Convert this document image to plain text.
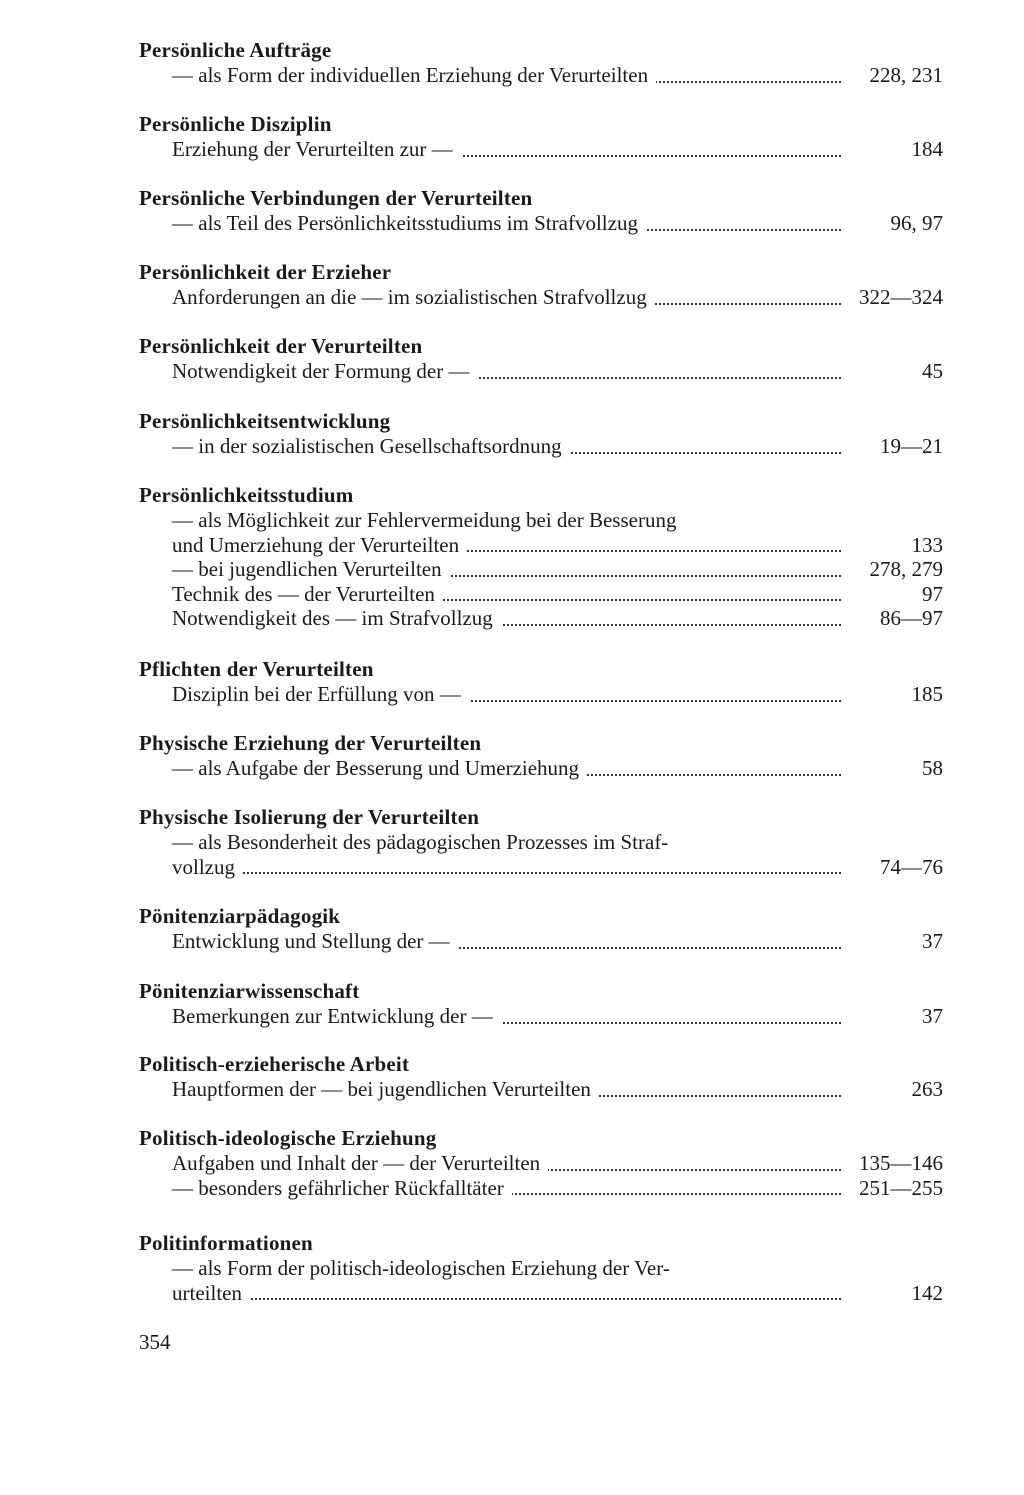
Persönliche Aufträge
— als Form der individuellen Erziehung der Verurteilten	228, 231
Persönliche Disziplin
Erziehung der Verurteilten zur —	184
Persönliche Verbindungen der Verurteilten
— als Teil des Persönlichkeitsstudiums im Strafvollzug	96, 97
Persönlichkeit der Erzieher
Anforderungen an die — im sozialistischen Strafvollzug	322—324
Persönlichkeit der Verurteilten
Notwendigkeit der Formung der —	45
Persönlichkeitsentwicklung
— in der sozialistischen Gesellschaftsordnung	19—21
Persönlichkeitsstudium
— als Möglichkeit zur Fehlervermeidung bei der Besserung
und Umerziehung der Verurteilten	133
— bei jugendlichen Verurteilten	278, 279
Technik des — der Verurteilten	97
Notwendigkeit des — im Strafvollzug	86—97
Pflichten der Verurteilten
Disziplin bei der Erfüllung von —	185
Physische Erziehung der Verurteilten
— als Aufgabe der Besserung und Umerziehung	58
Physische Isolierung der Verurteilten
— als Besonderheit des pädagogischen Prozesses im Straf-
vollzug	74—76
Pönitenziarpädagogik
Entwicklung und Stellung der —	37
Pönitenziarwissenschaft
Bemerkungen zur Entwicklung der —	37
Politisch-erzieherische Arbeit
Hauptformen der — bei jugendlichen Verurteilten	263
Politisch-ideologische Erziehung
Aufgaben und Inhalt der — der Verurteilten	135—146
— besonders gefährlicher Rückfalltäter	251—255
Politinformationen
— als Form der politisch-ideologischen Erziehung der Ver-
urteilten	142
354
